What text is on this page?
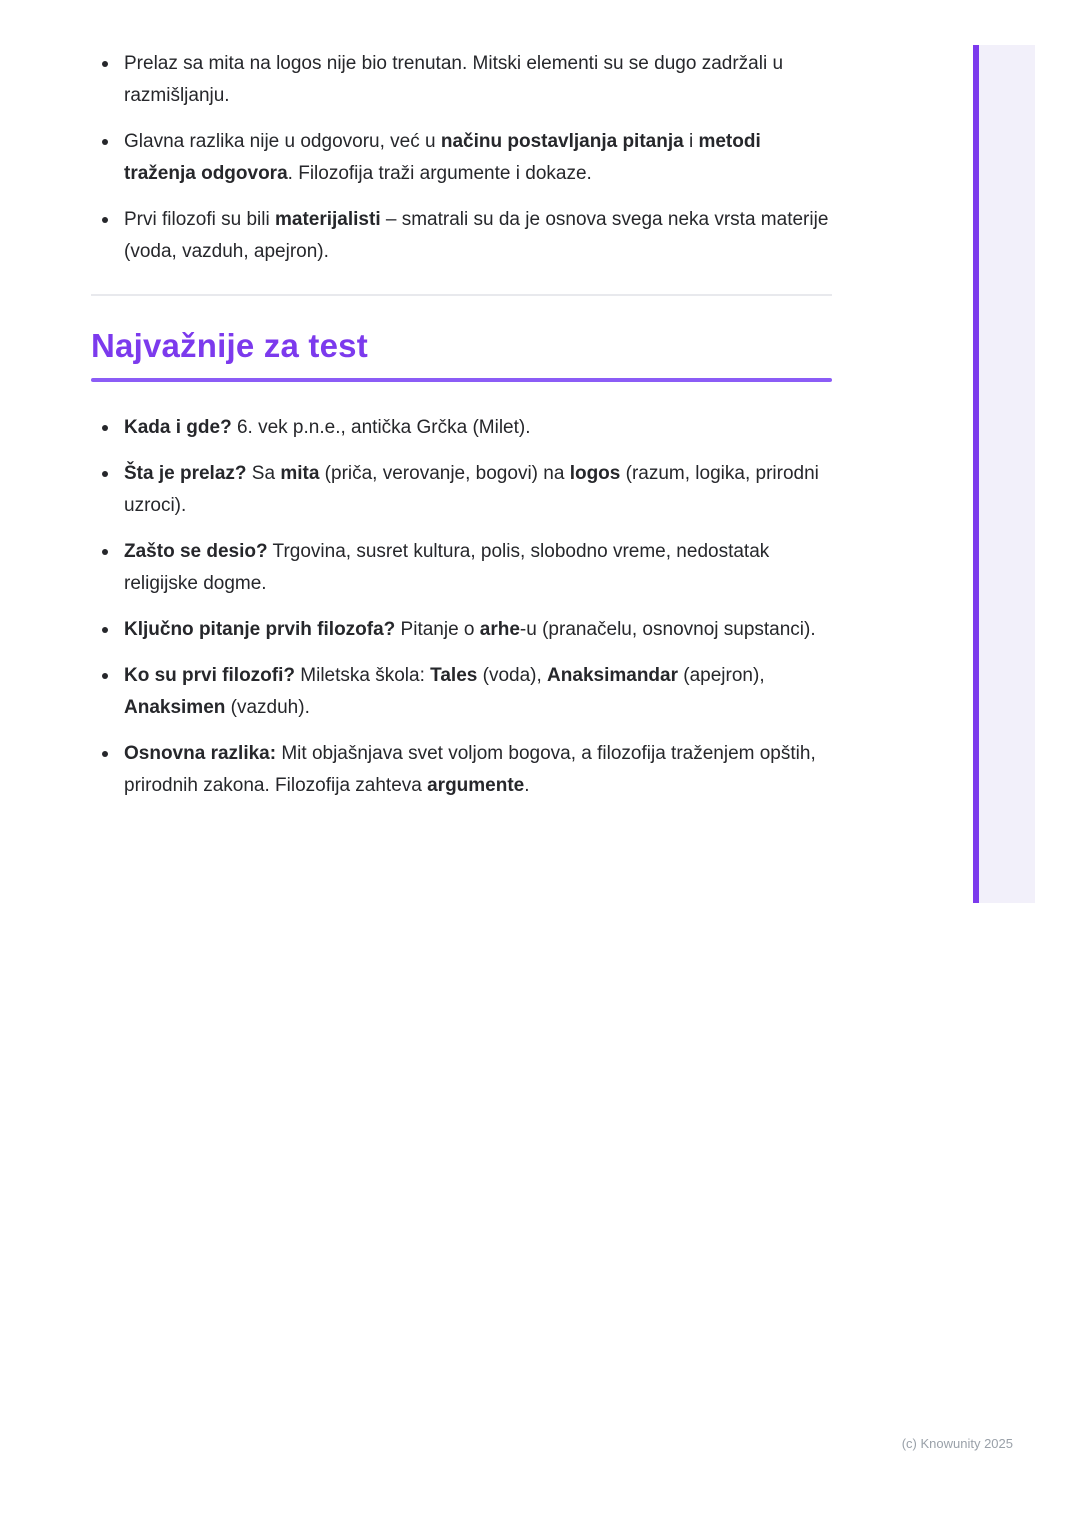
Prelaz sa mita na logos nije bio trenutan. Mitski elementi su se dugo zadržali u razmišljanju.
Glavna razlika nije u odgovoru, već u načinu postavljanja pitanja i metodi traženja odgovora. Filozofija traži argumente i dokaze.
Prvi filozofi su bili materijalisti – smatrali su da je osnova svega neka vrsta materije (voda, vazduh, apejron).
Najvažnije za test
Kada i gde? 6. vek p.n.e., antička Grčka (Milet).
Šta je prelaz? Sa mita (priča, verovanje, bogovi) na logos (razum, logika, prirodni uzroci).
Zašto se desio? Trgovina, susret kultura, polis, slobodno vreme, nedostatak religijske dogme.
Ključno pitanje prvih filozofa? Pitanje o arhe-u (pranačelu, osnovnoj supstanci).
Ko su prvi filozofi? Miletska škola: Tales (voda), Anaksimandar (apejron), Anaksimen (vazduh).
Osnovna razlika: Mit objašnjava svet voljom bogova, a filozofija traženjem opštih, prirodnih zakona. Filozofija zahteva argumente.
(c) Knowunity 2025
